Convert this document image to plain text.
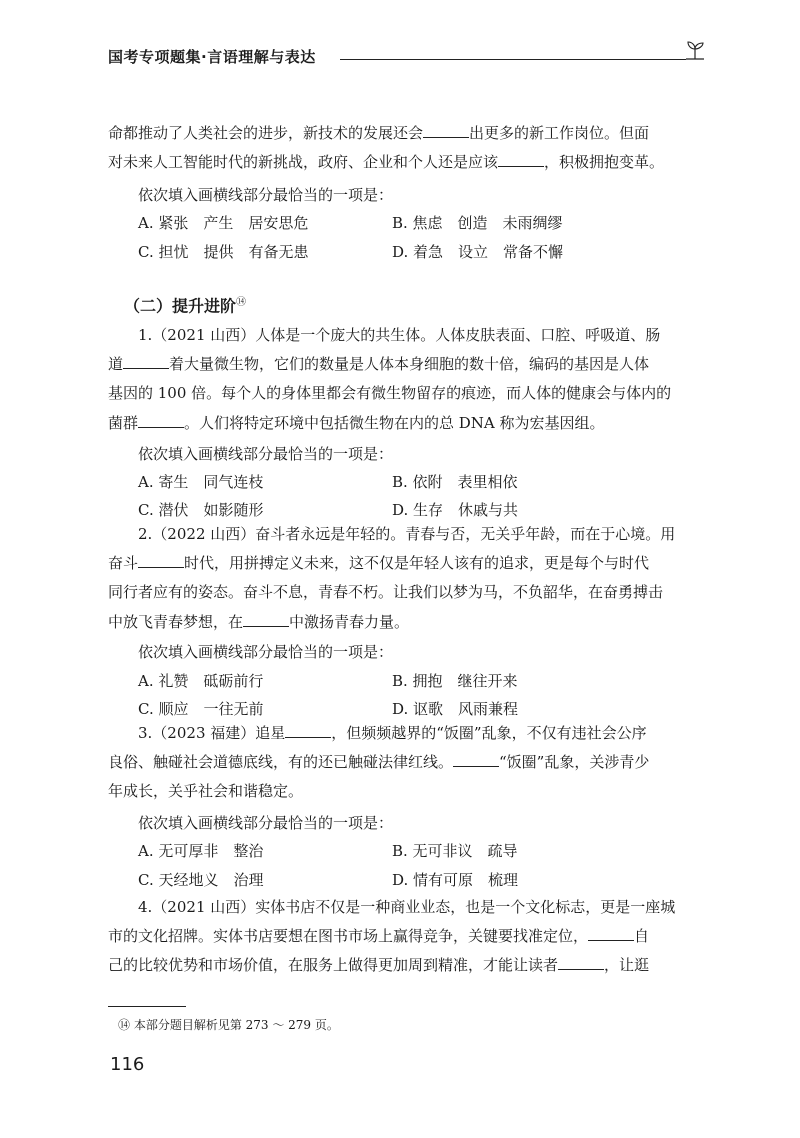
国考专项题集·言语理解与表达

命都推动了人类社会的进步，新技术的发展还会	出更多的新工作岗位。但面
对未来人工智能时代的新挑战，政府、企业和个人还是应该	，积极拥抱变革。

依次填入画横线部分最恰当的一项是：

A. 紧张　产生　居安思危	B. 焦虑　创造　未雨绸缪
C. 担忧　提供　有备无患	D. 着急　设立　常备不懈
（二）提升进阶⑭

1.（2021 山西）人体是一个庞大的共生体。人体皮肤表面、口腔、呼吸道、肠
道	着大量微生物，它们的数量是人体本身细胞的数十倍，编码的基因是人体
基因的 100 倍。每个人的身体里都会有微生物留存的痕迹，而人体的健康会与体内的
菌群	。人们将特定环境中包括微生物在内的总 DNA 称为宏基因组。

依次填入画横线部分最恰当的一项是：

A. 寄生　同气连枝	B. 依附　表里相依
C. 潜伏　如影随形	D. 生存　休戚与共

2.（2022 山西）奋斗者永远是年轻的。青春与否，无关乎年龄，而在于心境。用
奋斗	时代，用拼搏定义未来，这不仅是年轻人该有的追求，更是每个与时代
同行者应有的姿态。奋斗不息，青春不朽。让我们以梦为马，不负韶华，在奋勇搏击
中放飞青春梦想，在	中激扬青春力量。

依次填入画横线部分最恰当的一项是：

A. 礼赞　砥砺前行	B. 拥抱　继往开来
C. 顺应　一往无前	D. 讴歌　风雨兼程

3.（2023 福建）追星	，但频频越界的“饭圈”乱象，不仅有违社会公序
良俗、触碰社会道德底线，有的还已触碰法律红线。	“饭圈”乱象，关涉青少
年成长，关乎社会和谐稳定。

依次填入画横线部分最恰当的一项是：

A. 无可厚非　整治	B. 无可非议　疏导
C. 天经地义　治理	D. 情有可原　梳理

4.（2021 山西）实体书店不仅是一种商业业态，也是一个文化标志，更是一座城
市的文化招牌。实体书店要想在图书市场上赢得竞争，关键要找准定位，	自
己的比较优势和市场价值，在服务上做得更加周到精准，才能让读者	，让逛

⑭ 本部分题目解析见第 273 ～ 279 页。
116
